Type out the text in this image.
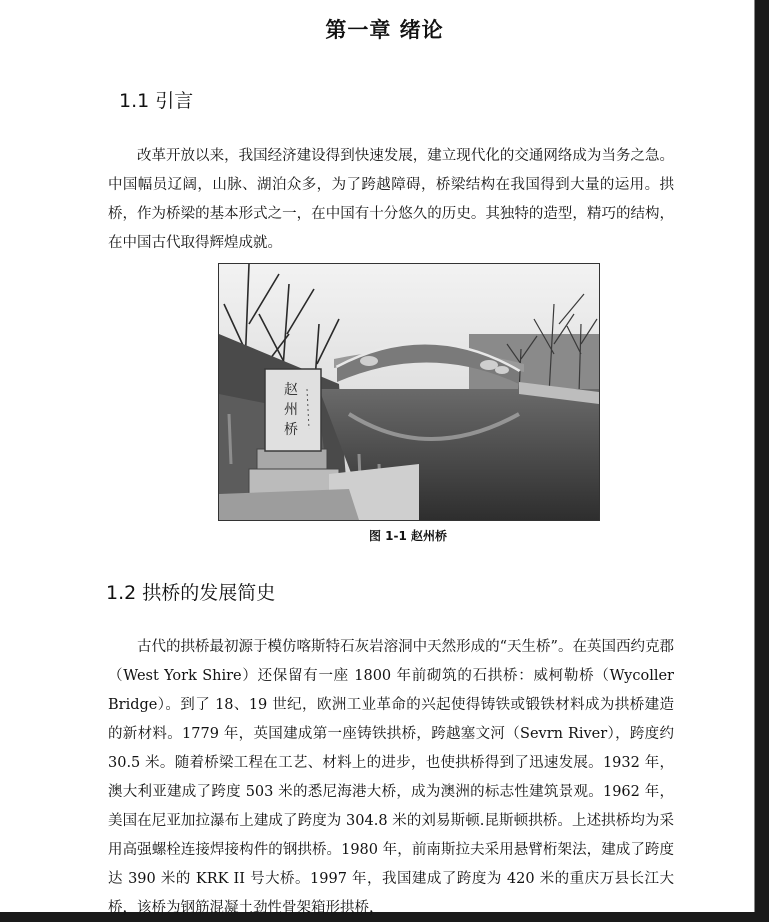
第一章 绪论
1.1 引言
改革开放以来，我国经济建设得到快速发展，建立现代化的交通网络成为当务之急。中国幅员辽阔，山脉、湖泊众多，为了跨越障碍，桥梁结构在我国得到大量的运用。拱桥，作为桥梁的基本形式之一，在中国有十分悠久的历史。其独特的造型，精巧的结构，在中国古代取得辉煌成就。
赵
州
桥
图 1-1 赵州桥
1.2 拱桥的发展简史
古代的拱桥最初源于模仿喀斯特石灰岩溶洞中天然形成的“天生桥”。在英国西约克郡（West York Shire）还保留有一座 1800 年前砌筑的石拱桥：威柯勒桥（Wycoller Bridge）。到了 18、19 世纪，欧洲工业革命的兴起使得铸铁或锻铁材料成为拱桥建造的新材料。1779 年，英国建成第一座铸铁拱桥，跨越塞文河（Sevrn River），跨度约 30.5 米。随着桥梁工程在工艺、材料上的进步，也使拱桥得到了迅速发展。1932 年，澳大利亚建成了跨度 503 米的悉尼海港大桥，成为澳洲的标志性建筑景观。1962 年，美国在尼亚加拉瀑布上建成了跨度为 304.8 米的刘易斯顿.昆斯顿拱桥。上述拱桥均为采用高强螺栓连接焊接构件的钢拱桥。1980 年，前南斯拉夫采用悬臂桁架法，建成了跨度达 390 米的 KRK II 号大桥。1997 年，我国建成了跨度为 420 米的重庆万县长江大桥，该桥为钢筋混凝土劲性骨架箱形拱桥，
